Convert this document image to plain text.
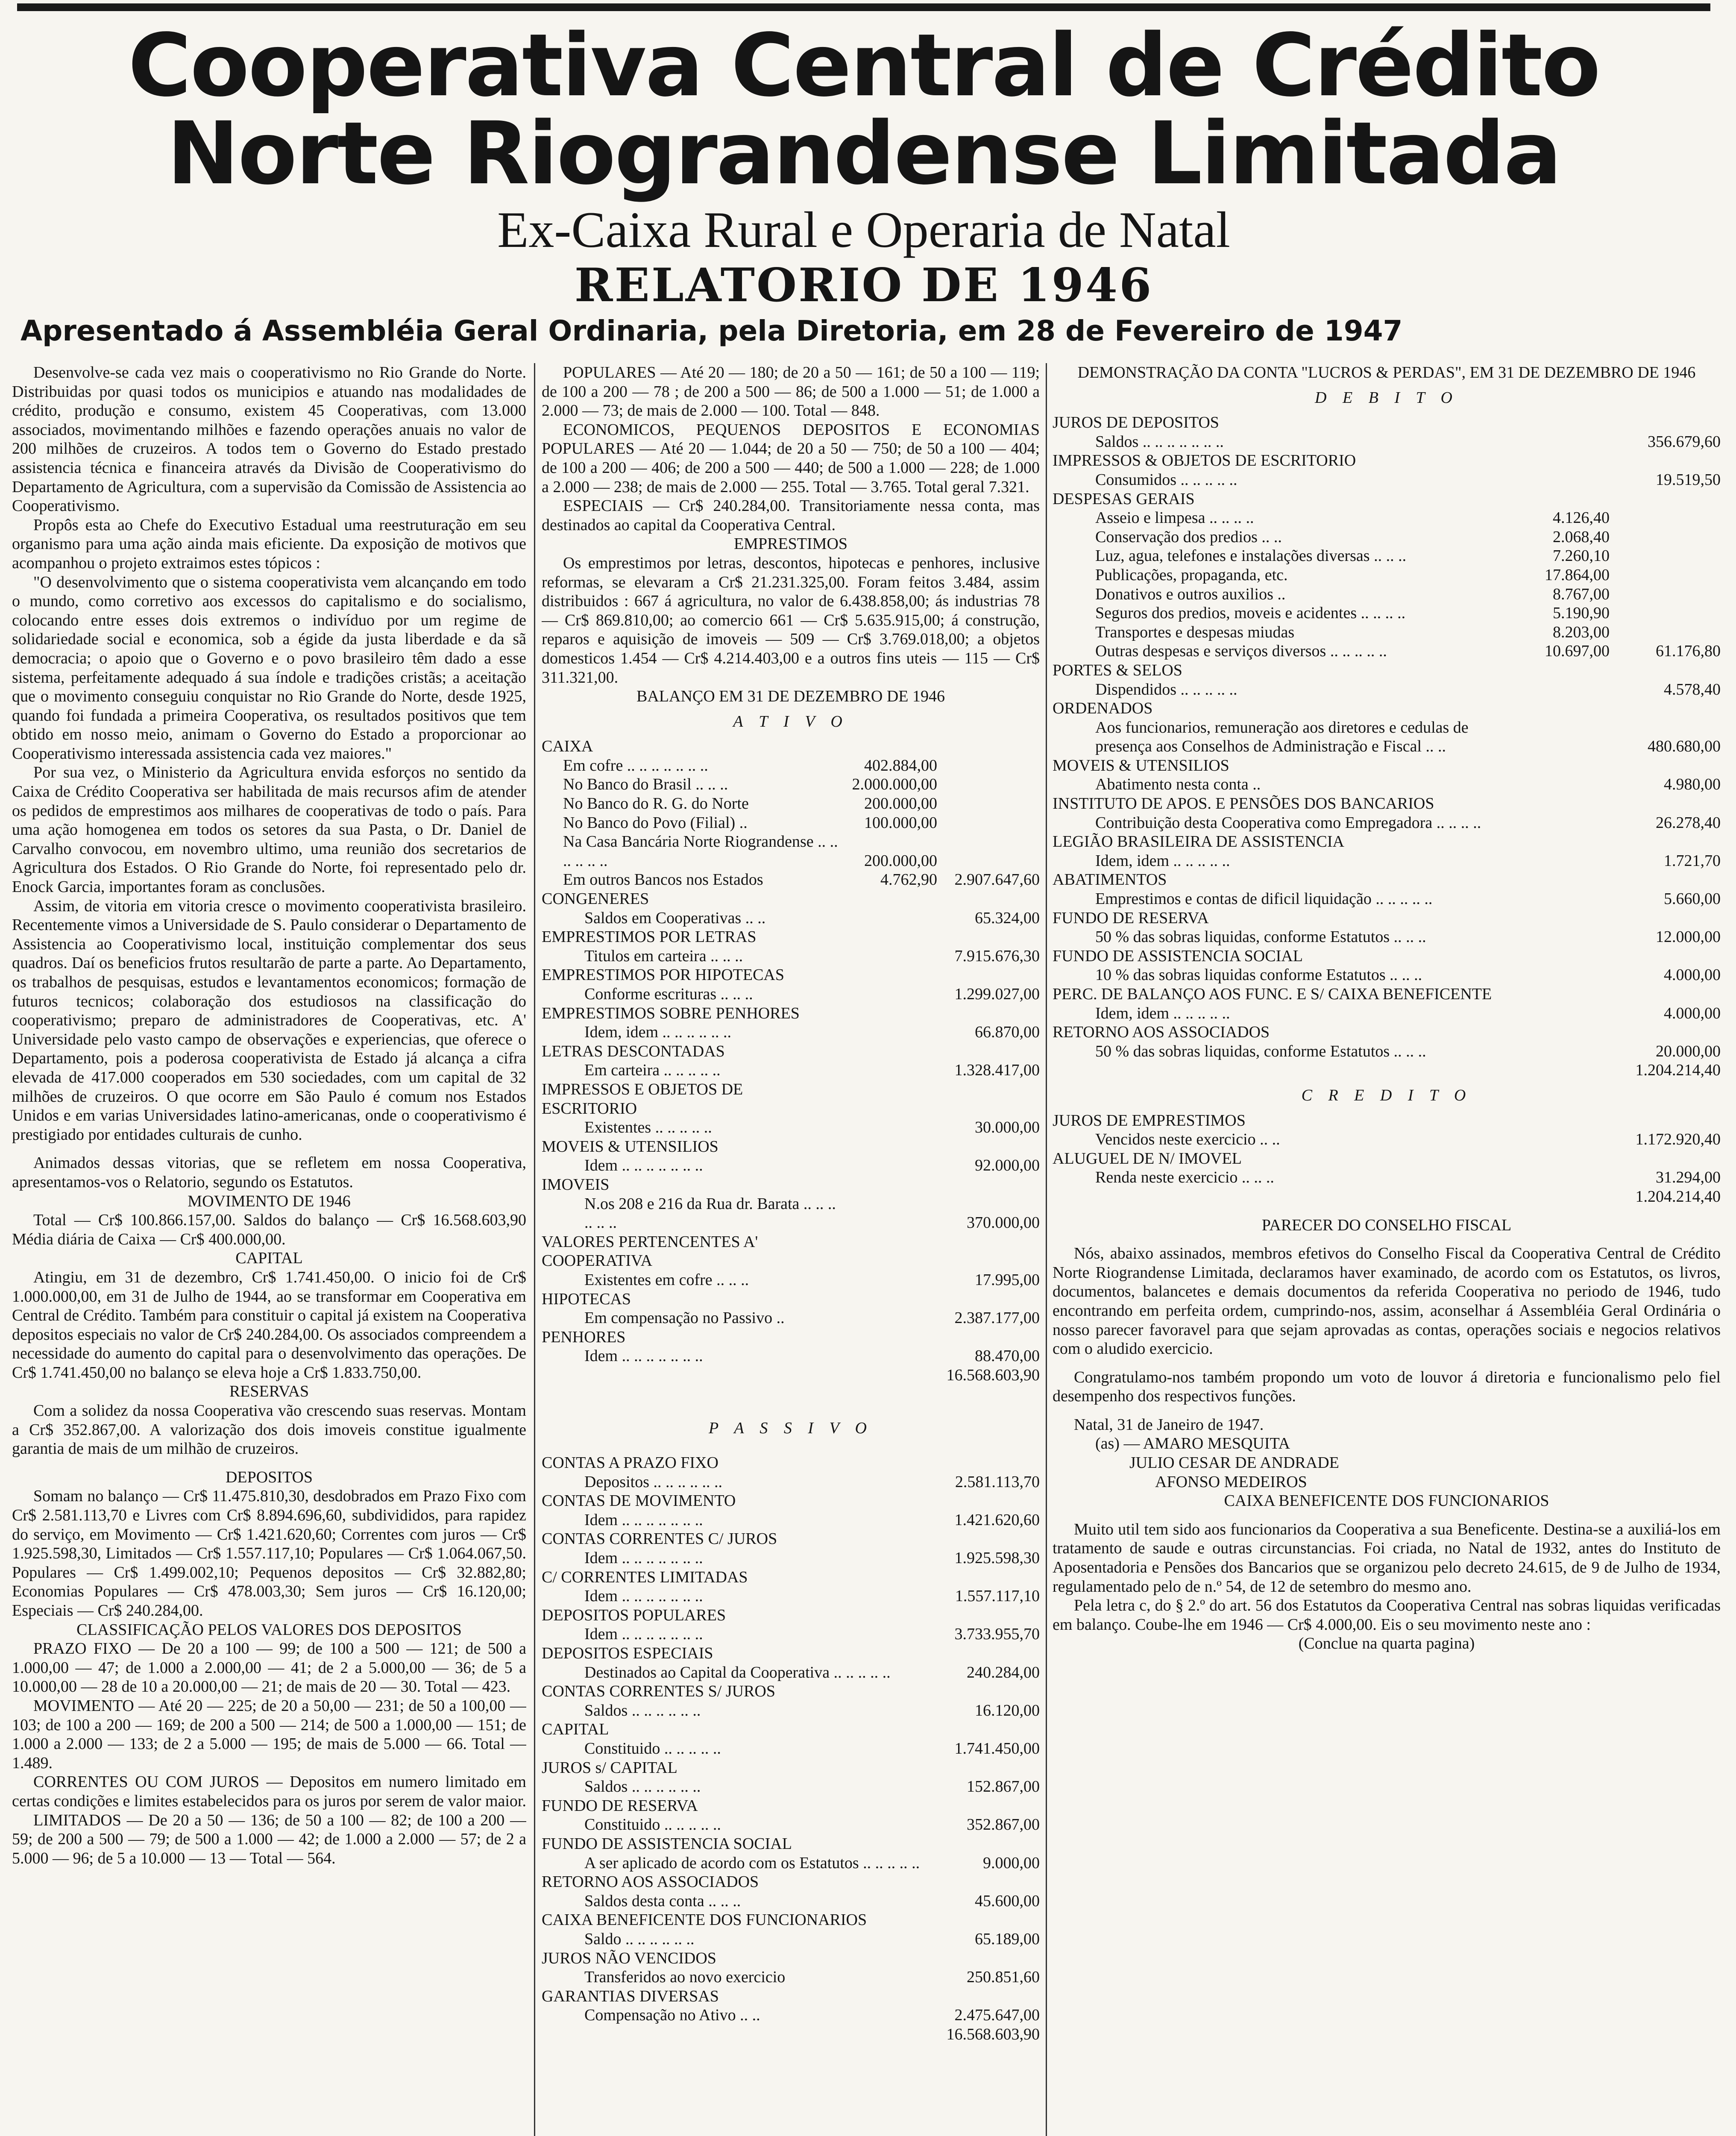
Cooperativa Central de Crédito
Norte Riograndense Limitada
Ex-Caixa Rural e Operaria de Natal
RELATORIO DE 1946
Apresentado á Assembléia Geral Ordinaria, pela Diretoria, em 28 de Fevereiro de 1947

Desenvolve-se cada vez mais o cooperativismo no Rio Grande do Norte. Distribuidas por quasi todos os municipios e atuando nas modalidades de crédito, produção e consumo, existem 45 Cooperativas, com 13.000 associados, movimentando milhões e fazendo operações anuais no valor de 200 milhões de cruzeiros. A todos tem o Governo do Estado prestado assistencia técnica e financeira através da Divisão de Cooperativismo do Departamento de Agricultura, com a supervisão da Comissão de Assistencia ao Cooperativismo.

Propôs esta ao Chefe do Executivo Estadual uma reestruturação em seu organismo para uma ação ainda mais eficiente. Da exposição de motivos que acompanhou o projeto extraimos estes tópicos :

"O desenvolvimento que o sistema cooperativista vem alcançando em todo o mundo, como corretivo aos excessos do capitalismo e do socialismo, colocando entre esses dois extremos o indivíduo por um regime de solidariedade social e economica, sob a égide da justa liberdade e da sã democracia; o apoio que o Governo e o povo brasileiro têm dado a esse sistema, perfeitamente adequado á sua índole e tradições cristãs; a aceitação que o movimento conseguiu conquistar no Rio Grande do Norte, desde 1925, quando foi fundada a primeira Cooperativa, os resultados positivos que tem obtido em nosso meio, animam o Governo do Estado a proporcionar ao Cooperativismo interessada assistencia cada vez maiores."

Por sua vez, o Ministerio da Agricultura envida esforços no sentido da Caixa de Crédito Cooperativa ser habilitada de mais recursos afim de atender os pedidos de emprestimos aos milhares de cooperativas de todo o país. Para uma ação homogenea em todos os setores da sua Pasta, o Dr. Daniel de Carvalho convocou, em novembro ultimo, uma reunião dos secretarios de Agricultura dos Estados. O Rio Grande do Norte, foi representado pelo dr. Enock Garcia, importantes foram as conclusões.

Assim, de vitoria em vitoria cresce o movimento cooperativista brasileiro. Recentemente vimos a Universidade de S. Paulo considerar o Departamento de Assistencia ao Cooperativismo local, instituição complementar dos seus quadros. Daí os beneficios frutos resultarão de parte a parte. Ao Departamento, os trabalhos de pesquisas, estudos e levantamentos economicos; formação de futuros tecnicos; colaboração dos estudiosos na classificação do cooperativismo; preparo de administradores de Cooperativas, etc. A' Universidade pelo vasto campo de observações e experiencias, que oferece o Departamento, pois a poderosa cooperativista de Estado já alcança a cifra elevada de 417.000 cooperados em 530 sociedades, com um capital de 32 milhões de cruzeiros. O que ocorre em São Paulo é comum nos Estados Unidos e em varias Universidades latino-americanas, onde o cooperativismo é prestigiado por entidades culturais de cunho.

Animados dessas vitorias, que se refletem em nossa Cooperativa, apresentamos-vos o Relatorio, segundo os Estatutos.

MOVIMENTO DE 1946

Total — Cr$ 100.866.157,00. Saldos do balanço — Cr$ 16.568.603,90 Média diária de Caixa — Cr$ 400.000,00.

CAPITAL

Atingiu, em 31 de dezembro, Cr$ 1.741.450,00. O inicio foi de Cr$ 1.000.000,00, em 31 de Julho de 1944, ao se transformar em Cooperativa em Central de Crédito. Também para constituir o capital já existem na Cooperativa depositos especiais no valor de Cr$ 240.284,00. Os associados compreendem a necessidade do aumento do capital para o desenvolvimento das operações. De Cr$ 1.741.450,00 no balanço se eleva hoje a Cr$ 1.833.750,00.

RESERVAS

Com a solidez da nossa Cooperativa vão crescendo suas reservas. Montam a Cr$ 352.867,00. A valorização dos dois imoveis constitue igualmente garantia de mais de um milhão de cruzeiros.

DEPOSITOS

Somam no balanço — Cr$ 11.475.810,30, desdobrados em Prazo Fixo com Cr$ 2.581.113,70 e Livres com Cr$ 8.894.696,60, subdivididos, para rapidez do serviço, em Movimento — Cr$ 1.421.620,60; Correntes com juros — Cr$ 1.925.598,30, Limitados — Cr$ 1.557.117,10; Populares — Cr$ 1.064.067,50. Populares — Cr$ 1.499.002,10; Pequenos depositos — Cr$ 32.882,80; Economias Populares — Cr$ 478.003,30; Sem juros — Cr$ 16.120,00; Especiais — Cr$ 240.284,00.

CLASSIFICAÇÃO PELOS VALORES DOS DEPOSITOS

PRAZO FIXO — De 20 a 100 — 99; de 100 a 500 — 121; de 500 a 1.000,00 — 47; de 1.000 a 2.000,00 — 41; de 2 a 5.000,00 — 36; de 5 a 10.000,00 — 28 de 10 a 20.000,00 — 21; de mais de 20 — 30. Total — 423.

MOVIMENTO — Até 20 — 225; de 20 a 50,00 — 231; de 50 a 100,00 — 103; de 100 a 200 — 169; de 200 a 500 — 214; de 500 a 1.000,00 — 151; de 1.000 a 2.000 — 133; de 2 a 5.000 — 195; de mais de 5.000 — 66. Total — 1.489.

CORRENTES OU COM JUROS — Depositos em numero limitado em certas condições e limites estabelecidos para os juros por serem de valor maior.

LIMITADOS — De 20 a 50 — 136; de 50 a 100 — 82; de 100 a 200 — 59; de 200 a 500 — 79; de 500 a 1.000 — 42; de 1.000 a 2.000 — 57; de 2 a 5.000 — 96; de 5 a 10.000 — 13 — Total — 564.

POPULARES — Até 20 — 180; de 20 a 50 — 161; de 50 a 100 — 119; de 100 a 200 — 78 ; de 200 a 500 — 86; de 500 a 1.000 — 51; de 1.000 a 2.000 — 73; de mais de 2.000 — 100. Total — 848.

ECONOMICOS, PEQUENOS DEPOSITOS E ECONOMIAS POPULARES — Até 20 — 1.044; de 20 a 50 — 750; de 50 a 100 — 404; de 100 a 200 — 406; de 200 a 500 — 440; de 500 a 1.000 — 228; de 1.000 a 2.000 — 238; de mais de 2.000 — 255. Total — 3.765. Total geral 7.321.

ESPECIAIS — Cr$ 240.284,00. Transitoriamente nessa conta, mas destinados ao capital da Cooperativa Central.

EMPRESTIMOS

Os emprestimos por letras, descontos, hipotecas e penhores, inclusive reformas, se elevaram a Cr$ 21.231.325,00. Foram feitos 3.484, assim distribuidos : 667 á agricultura, no valor de 6.438.858,00; ás industrias 78 — Cr$ 869.810,00; ao comercio 661 — Cr$ 5.635.915,00; á construção, reparos e aquisição de imoveis — 509 — Cr$ 3.769.018,00; a objetos domesticos 1.454 — Cr$ 4.214.403,00 e a outros fins uteis — 115 — Cr$ 311.321,00.

BALANÇO EM 31 DE DEZEMBRO DE 1946

A T I V O

CAIXA
Em cofre .. .. .. .. .. .. ..	402.884,00
No Banco do Brasil .. .. ..	2.000.000,00
No Banco do R. G. do Norte	200.000,00
No Banco do Povo (Filial) ..	100.000,00
Na Casa Bancária Norte Riograndense .. .. .. .. .. ..	200.000,00
Em outros Bancos nos Estados	4.762,90	2.907.647,60
CONGENERES
Saldos em Cooperativas .. ..	65.324,00
EMPRESTIMOS POR LETRAS
Titulos em carteira .. .. ..	7.915.676,30
EMPRESTIMOS POR HIPOTECAS
Conforme escrituras .. .. ..	1.299.027,00
EMPRESTIMOS SOBRE PENHORES
Idem, idem .. .. .. .. .. ..	66.870,00
LETRAS DESCONTADAS
Em carteira .. .. .. .. ..	1.328.417,00
IMPRESSOS E OBJETOS DE ESCRITORIO
Existentes .. .. .. .. ..	30.000,00
MOVEIS & UTENSILIOS
Idem .. .. .. .. .. .. ..	92.000,00
IMOVEIS
N.os 208 e 216 da Rua dr. Barata .. .. .. .. .. ..	370.000,00
VALORES PERTENCENTES A' COOPERATIVA
Existentes em cofre .. .. ..	17.995,00
HIPOTECAS
Em compensação no Passivo ..	2.387.177,00
PENHORES
Idem .. .. .. .. .. .. ..	88.470,00
16.568.603,90

P A S S I V O

CONTAS A PRAZO FIXO
Depositos .. .. .. .. .. ..	2.581.113,70
CONTAS DE MOVIMENTO
Idem .. .. .. .. .. .. ..	1.421.620,60
CONTAS CORRENTES C/ JUROS
Idem .. .. .. .. .. .. ..	1.925.598,30
C/ CORRENTES LIMITADAS
Idem .. .. .. .. .. .. ..	1.557.117,10
DEPOSITOS POPULARES
Idem .. .. .. .. .. .. ..	3.733.955,70
DEPOSITOS ESPECIAIS
Destinados ao Capital da Cooperativa .. .. .. .. ..	240.284,00
CONTAS CORRENTES S/ JUROS
Saldos .. .. .. .. .. ..	16.120,00
CAPITAL
Constituido .. .. .. .. ..	1.741.450,00
JUROS s/ CAPITAL
Saldos .. .. .. .. .. ..	152.867,00
FUNDO DE RESERVA
Constituido .. .. .. .. ..	352.867,00
FUNDO DE ASSISTENCIA SOCIAL
A ser aplicado de acordo com os Estatutos .. .. .. .. ..	9.000,00
RETORNO AOS ASSOCIADOS
Saldos desta conta .. .. ..	45.600,00
CAIXA BENEFICENTE DOS FUNCIONARIOS
Saldo .. .. .. .. .. ..	65.189,00
JUROS NÃO VENCIDOS
Transferidos ao novo exercicio	250.851,60
GARANTIAS DIVERSAS
Compensação no Ativo .. ..	2.475.647,00
16.568.603,90

DEMONSTRAÇÃO DA CONTA "LUCROS & PERDAS", EM 31 DE DEZEMBRO DE 1946

D E B I T O

JUROS DE DEPOSITOS
Saldos .. .. .. .. .. .. ..	356.679,60
IMPRESSOS & OBJETOS DE ESCRITORIO
Consumidos .. .. .. .. ..	19.519,50
DESPESAS GERAIS
Asseio e limpesa .. .. .. ..	4.126,40
Conservação dos predios .. ..	2.068,40
Luz, agua, telefones e instalações diversas .. .. ..	7.260,10
Publicações, propaganda, etc.	17.864,00
Donativos e outros auxilios ..	8.767,00
Seguros dos predios, moveis e acidentes .. .. .. ..	5.190,90
Transportes e despesas miudas	8.203,00
Outras despesas e serviços diversos .. .. .. .. ..	10.697,00	61.176,80
PORTES & SELOS
Dispendidos .. .. .. .. ..	4.578,40
ORDENADOS
Aos funcionarios, remuneração aos diretores e cedulas de presença aos Conselhos de Administração e Fiscal .. ..	480.680,00
MOVEIS & UTENSILIOS
Abatimento nesta conta ..	4.980,00
INSTITUTO DE APOS. E PENSÕES DOS BANCARIOS
Contribuição desta Cooperativa como Empregadora .. .. .. ..	26.278,40
LEGIÃO BRASILEIRA DE ASSISTENCIA
Idem, idem .. .. .. .. ..	1.721,70
ABATIMENTOS
Emprestimos e contas de dificil liquidação .. .. .. .. ..	5.660,00
FUNDO DE RESERVA
50 % das sobras liquidas, conforme Estatutos .. .. ..	12.000,00
FUNDO DE ASSISTENCIA SOCIAL
10 % das sobras liquidas conforme Estatutos .. .. ..	4.000,00
PERC. DE BALANÇO AOS FUNC. E S/ CAIXA BENEFICENTE
Idem, idem .. .. .. .. ..	4.000,00
RETORNO AOS ASSOCIADOS
50 % das sobras liquidas, conforme Estatutos .. .. ..	20.000,00
1.204.214,40

C R E D I T O

JUROS DE EMPRESTIMOS
Vencidos neste exercicio .. ..	1.172.920,40
ALUGUEL DE N/ IMOVEL
Renda neste exercicio .. .. ..	31.294,00
1.204.214,40

PARECER DO CONSELHO FISCAL

Nós, abaixo assinados, membros efetivos do Conselho Fiscal da Cooperativa Central de Crédito Norte Riograndense Limitada, declaramos haver examinado, de acordo com os Estatutos, os livros, documentos, balancetes e demais documentos da referida Cooperativa no periodo de 1946, tudo encontrando em perfeita ordem, cumprindo-nos, assim, aconselhar á Assembléia Geral Ordinária o nosso parecer favoravel para que sejam aprovadas as contas, operações sociais e negocios relativos com o aludido exercicio.

Congratulamo-nos também propondo um voto de louvor á diretoria e funcionalismo pelo fiel desempenho dos respectivos funções.

Natal, 31 de Janeiro de 1947.

(as) — AMARO MESQUITA

JULIO CESAR DE ANDRADE

AFONSO MEDEIROS

CAIXA BENEFICENTE DOS FUNCIONARIOS

Muito util tem sido aos funcionarios da Cooperativa a sua Beneficente. Destina-se a auxiliá-los em tratamento de saude e outras circunstancias. Foi criada, no Natal de 1932, antes do Instituto de Aposentadoria e Pensões dos Bancarios que se organizou pelo decreto 24.615, de 9 de Julho de 1934, regulamentado pelo de n.º 54, de 12 de setembro do mesmo ano.

Pela letra c, do § 2.º do art. 56 dos Estatutos da Cooperativa Central nas sobras liquidas verificadas em balanço. Coube-lhe em 1946 — Cr$ 4.000,00. Eis o seu movimento neste ano :

(Conclue na quarta pagina)
